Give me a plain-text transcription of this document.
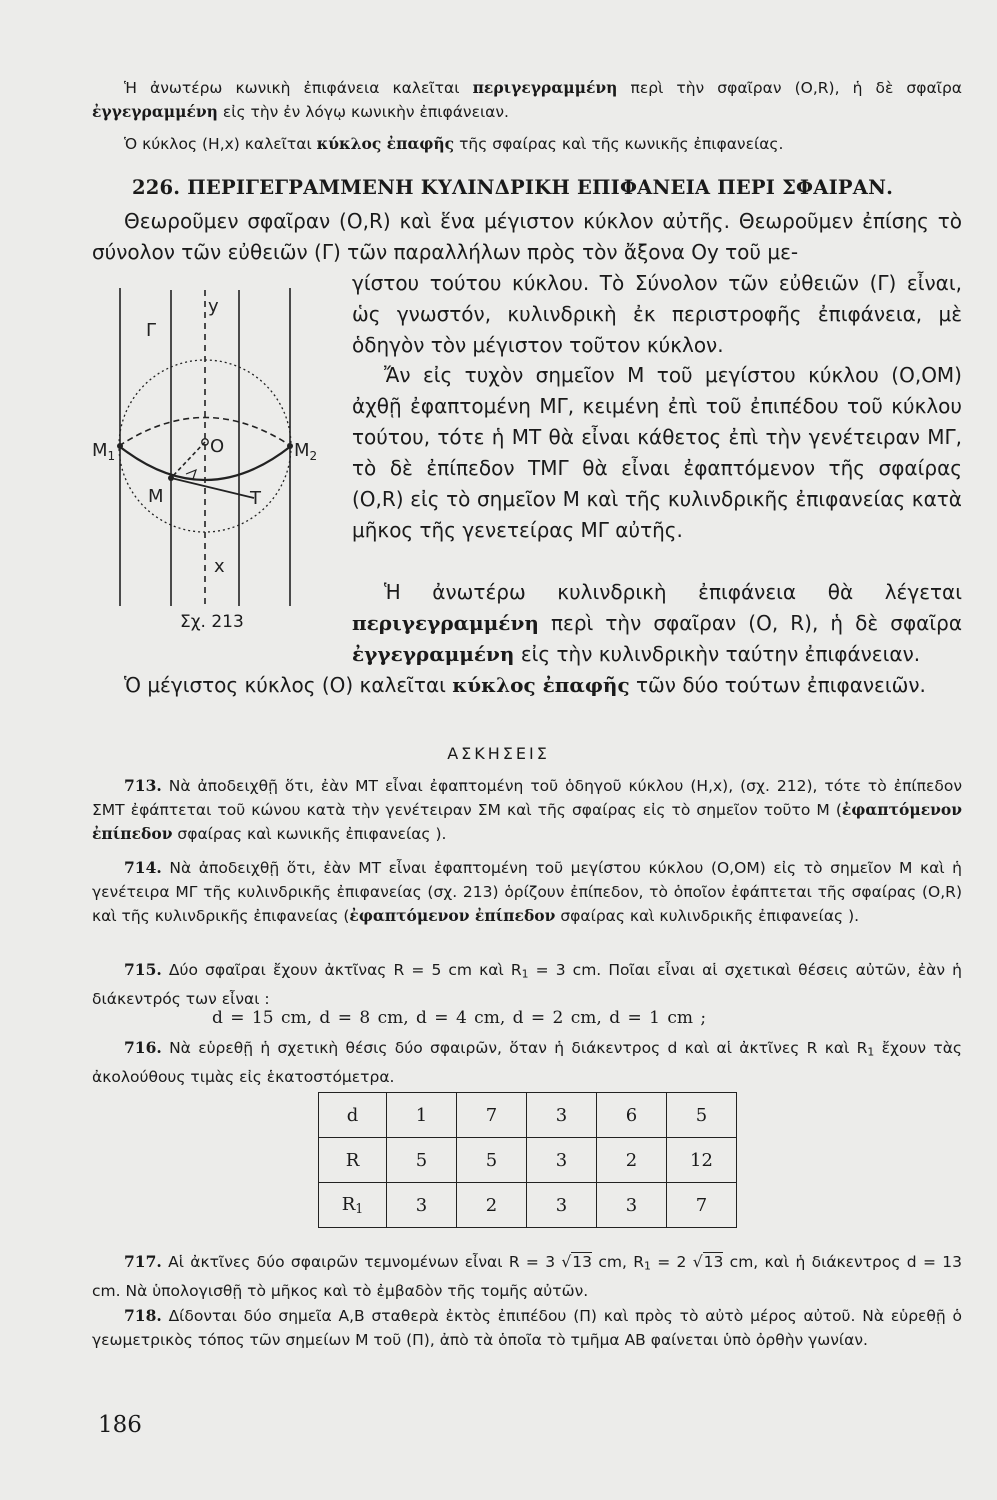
Ἡ ἀνωτέρω κωνικὴ ἐπιφάνεια καλεῖται περιγεγραμμένη περὶ τὴν σφαῖραν (Ο,R), ἡ δὲ σφαῖρα ἐγγεγραμμένη εἰς τὴν ἐν λόγῳ κωνικὴν ἐπιφάνειαν.
Ὁ κύκλος (Η,x) καλεῖται κύκλος ἐπαφῆς τῆς σφαίρας καὶ τῆς κωνικῆς ἐπιφανείας.
226. ΠΕΡΙΓΕΓΡΑΜΜΕΝΗ ΚΥΛΙΝΔΡΙΚΗ ΕΠΙΦΑΝΕΙΑ ΠΕΡΙ ΣΦΑΙΡΑΝ.
Θεωροῦμεν σφαῖραν (Ο,R) καὶ ἕνα μέγιστον κύκλον αὐτῆς. Θεωροῦμεν ἐπίσης τὸ σύνολον τῶν εὐθειῶν (Γ) τῶν παραλλήλων πρὸς τὸν ἄξονα Οy τοῦ με-
y
Γ
O
$M_1$	$M_2$
M	T
x
Σχ. 213
γίστου τούτου κύκλου. Τὸ Σύνολον τῶν εὐθειῶν (Γ) εἶναι, ὡς γνωστόν, κυλινδρικὴ ἐκ περιστροφῆς ἐπιφάνεια, μὲ ὁδηγὸν τὸν μέγιστον τοῦτον κύκλον.
Ἄν εἰς τυχὸν σημεῖον Μ τοῦ μεγίστου κύκλου (Ο,ΟΜ) ἀχθῇ ἐφαπτομένη ΜΓ, κειμένη ἐπὶ τοῦ ἐπιπέδου τοῦ κύκλου τούτου, τότε ἡ ΜΤ θὰ εἶναι κάθετος ἐπὶ τὴν γενέτειραν ΜΓ, τὸ δὲ ἐπίπεδον ΤΜΓ θὰ εἶναι ἐφαπτόμενον τῆς σφαίρας (Ο,R) εἰς τὸ σημεῖον Μ καὶ τῆς κυλινδρικῆς ἐπιφανείας κατὰ μῆκος τῆς γενετείρας ΜΓ αὐτῆς.
Ἡ ἀνωτέρω κυλινδρικὴ ἐπιφάνεια θὰ λέγεται περιγεγραμμένη περὶ τὴν σφαῖραν (Ο, R), ἡ δὲ σφαῖρα ἐγγεγραμμένη εἰς τὴν κυλινδρικὴν ταύτην ἐπιφάνειαν.
Ὁ μέγιστος κύκλος (Ο) καλεῖται κύκλος ἐπαφῆς τῶν δύο τούτων ἐπιφανειῶν.
ΑΣΚΗΣΕΙΣ
713. Νὰ ἀποδειχθῇ ὅτι, ἐὰν ΜΤ εἶναι ἐφαπτομένη τοῦ ὁδηγοῦ κύκλου (Η,x), (σχ. 212), τότε τὸ ἐπίπεδον ΣΜΤ ἐφάπτεται τοῦ κώνου κατὰ τὴν γενέτειραν ΣΜ καὶ τῆς σφαίρας εἰς τὸ σημεῖον τοῦτο Μ (ἐφαπτόμενον ἐπίπεδον σφαίρας καὶ κωνικῆς ἐπιφανείας ).
714. Νὰ ἀποδειχθῇ ὅτι, ἐὰν ΜΤ εἶναι ἐφαπτομένη τοῦ μεγίστου κύκλου (Ο,ΟΜ) εἰς τὸ σημεῖον Μ καὶ ἡ γενέτειρα ΜΓ τῆς κυλινδρικῆς ἐπιφανείας (σχ. 213) ὁρίζουν ἐπίπεδον, τὸ ὁποῖον ἐφάπτεται τῆς σφαίρας (Ο,R) καὶ τῆς κυλινδρικῆς ἐπιφανείας (ἐφαπτόμενον ἐπίπεδον σφαίρας καὶ κυλινδρικῆς ἐπιφανείας ).
715. Δύο σφαῖραι ἔχουν ἀκτῖνας R = 5 cm καὶ $R_1 = 3$ cm. Ποῖαι εἶναι αἱ σχετικαὶ θέσεις αὐτῶν, ἐὰν ἡ διάκεντρός των εἶναι :
d = 15 cm, d = 8 cm, d = 4 cm, d = 2 cm, d = 1 cm ;
716. Νὰ εὑρεθῇ ἡ σχετικὴ θέσις δύο σφαιρῶν, ὅταν ἡ διάκεντρος d καὶ αἱ ἀκτῖνες R καὶ $R_1$ ἔχουν τὰς ἀκολούθους τιμὰς εἰς ἑκατοστόμετρα.
d	1	7	3	6	5
R	5	5	3	2	12
$R_1$	3	2	3	3	7
717. Αἱ ἀκτῖνες δύο σφαιρῶν τεμνομένων εἶναι R = 3 √13 cm, $R_1 = 2$ √13 cm, καὶ ἡ διάκεντρος d = 13 cm. Νὰ ὑπολογισθῇ τὸ μῆκος καὶ τὸ ἐμβαδὸν τῆς τομῆς αὐτῶν.
718. Δίδονται δύο σημεῖα Α,Β σταθερὰ ἐκτὸς ἐπιπέδου (Π) καὶ πρὸς τὸ αὐτὸ μέρος αὐτοῦ. Νὰ εὑρεθῇ ὁ γεωμετρικὸς τόπος τῶν σημείων Μ τοῦ (Π), ἀπὸ τὰ ὁποῖα τὸ τμῆμα ΑΒ φαίνεται ὑπὸ ὀρθὴν γωνίαν.
186
